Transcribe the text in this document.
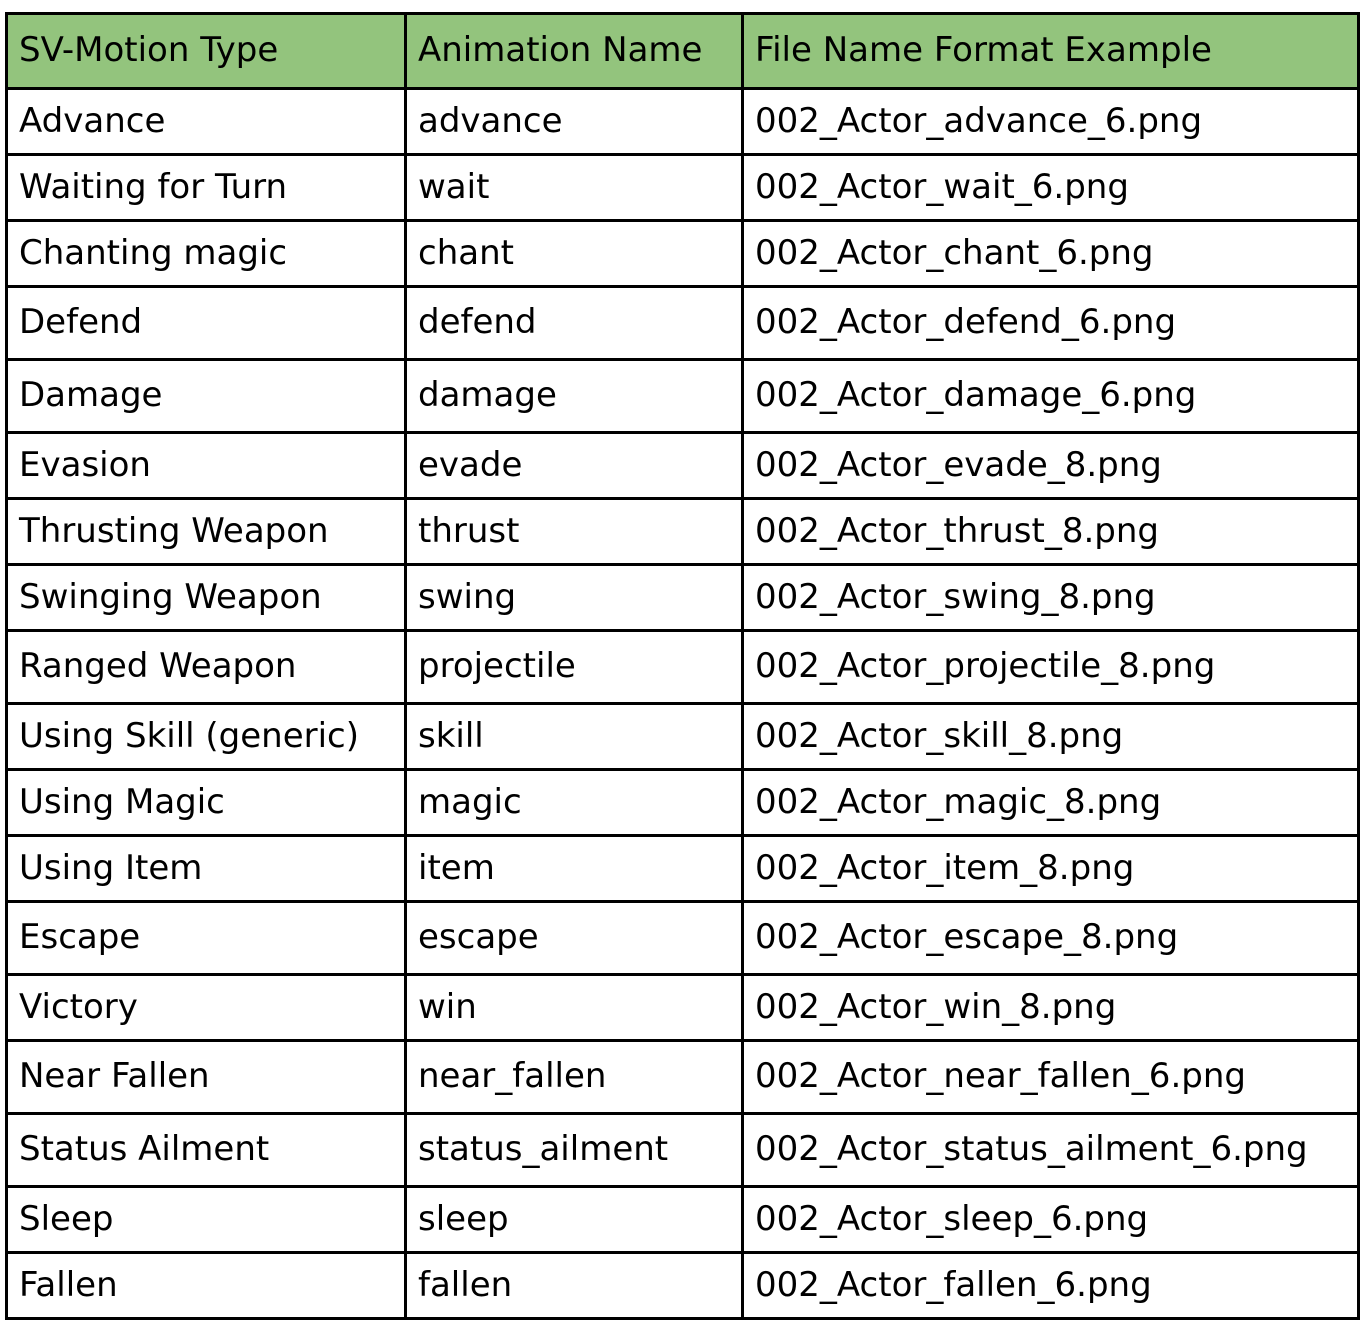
SV-Motion Type	Animation Name	File Name Format Example
Advance	advance	002_Actor_advance_6.png
Waiting for Turn	wait	002_Actor_wait_6.png
Chanting magic	chant	002_Actor_chant_6.png
Defend	defend	002_Actor_defend_6.png
Damage	damage	002_Actor_damage_6.png
Evasion	evade	002_Actor_evade_8.png
Thrusting Weapon	thrust	002_Actor_thrust_8.png
Swinging Weapon	swing	002_Actor_swing_8.png
Ranged Weapon	projectile	002_Actor_projectile_8.png
Using Skill (generic)	skill	002_Actor_skill_8.png
Using Magic	magic	002_Actor_magic_8.png
Using Item	item	002_Actor_item_8.png
Escape	escape	002_Actor_escape_8.png
Victory	win	002_Actor_win_8.png
Near Fallen	near_fallen	002_Actor_near_fallen_6.png
Status Ailment	status_ailment	002_Actor_status_ailment_6.png
Sleep	sleep	002_Actor_sleep_6.png
Fallen	fallen	002_Actor_fallen_6.png
